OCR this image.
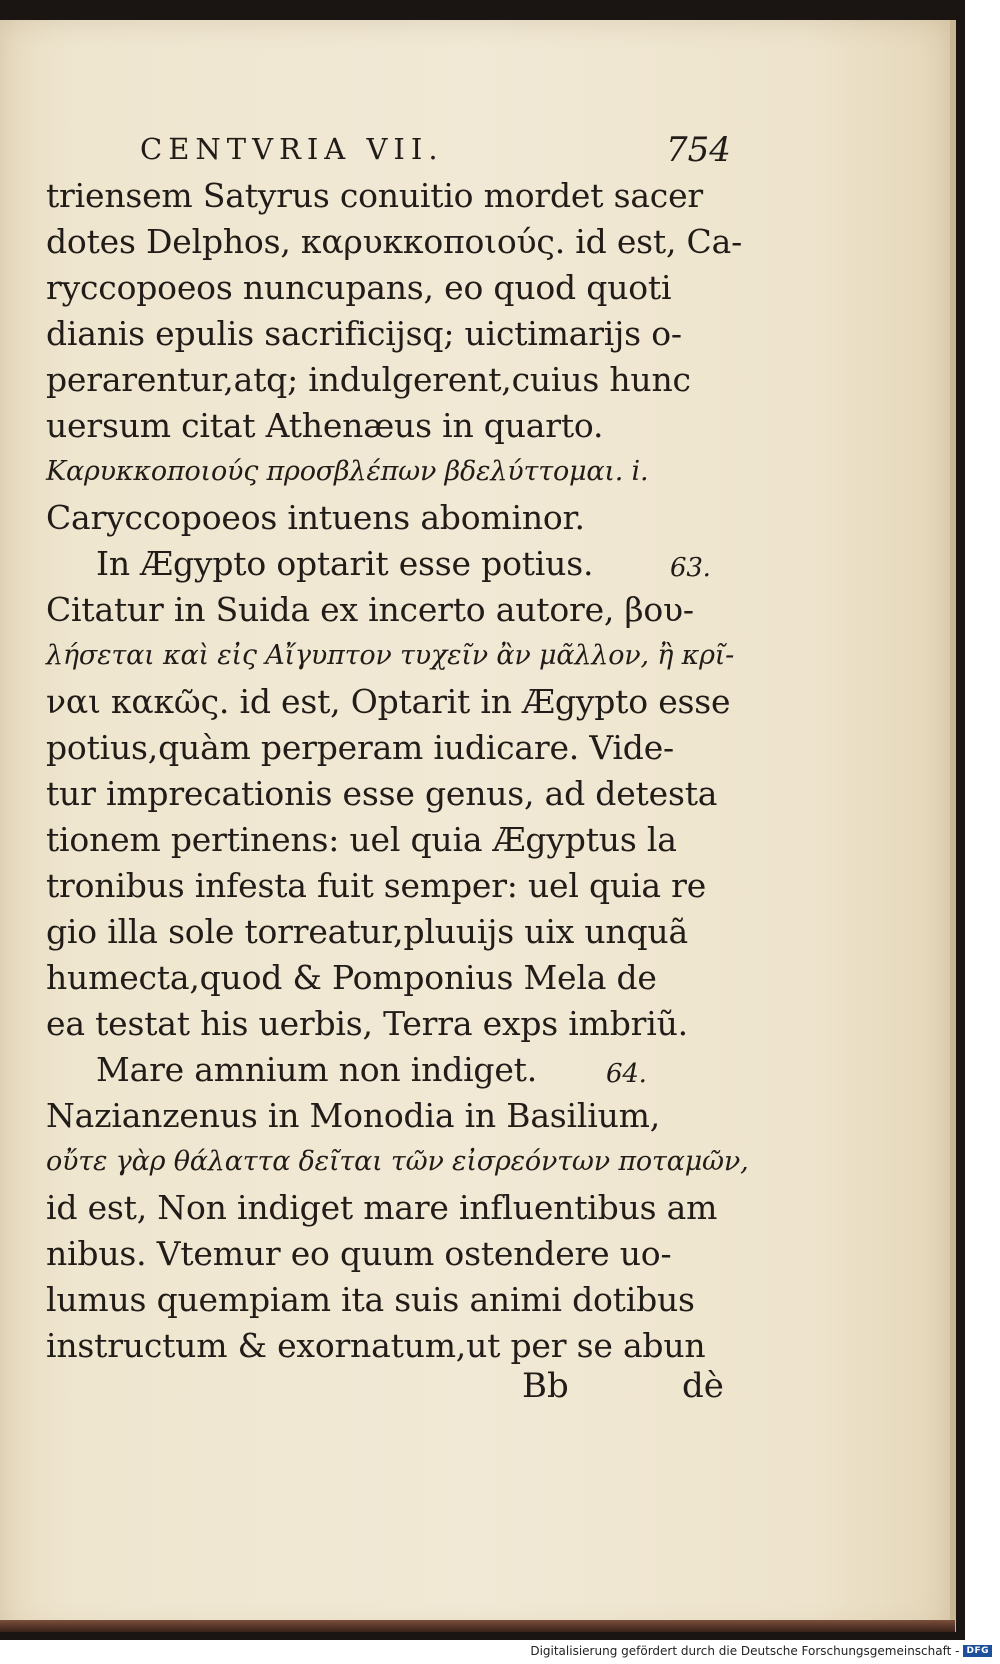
CENTVRIA VII.	754
triensem Satyrus conuitio mordet sacer
dotes Delphos, καρυκκοποιούς. id est, Ca-
ryccopoeos nuncupans, eo quod quoti
dianis epulis sacrificijsq; uictimarijs o-
perarentur,atq; indulgerent,cuius hunc
uersum citat Athenæus in quarto.
Καρυκκοποιούς προσβλέπων βδελύττομαι. i.
Caryccopoeos intuens abominor.
In Ægypto optarit esse potius.	63.
Citatur in Suida ex incerto autore, βου-
λήσεται καὶ εἰς Αἴγυπτον τυχεῖν ἂν μᾶλλον, ἢ κρῖ-
ναι κακῶς. id est, Optarit in Ægypto esse
potius,quàm perperam iudicare. Vide-
tur imprecationis esse genus, ad detesta
tionem pertinens: uel quia Ægyptus la
tronibus infesta fuit semper: uel quia re
gio illa sole torreatur,pluuijs uix unquã
humecta,quod & Pomponius Mela de
ea testat his uerbis, Terra exps imbriũ.
Mare amnium non indiget.	64.
Nazianzenus in Monodia in Basilium,
οὔτε γὰρ θάλαττα δεῖται τῶν εἰσρεόντων ποταμῶν,
id est, Non indiget mare influentibus am
nibus. Vtemur eo quum ostendere uo-
lumus quempiam ita suis animi dotibus
instructum & exornatum,ut per se abun
Bb	dè
Digitalisierung gefördert durch die Deutsche Forschungsgemeinschaft - DFG
